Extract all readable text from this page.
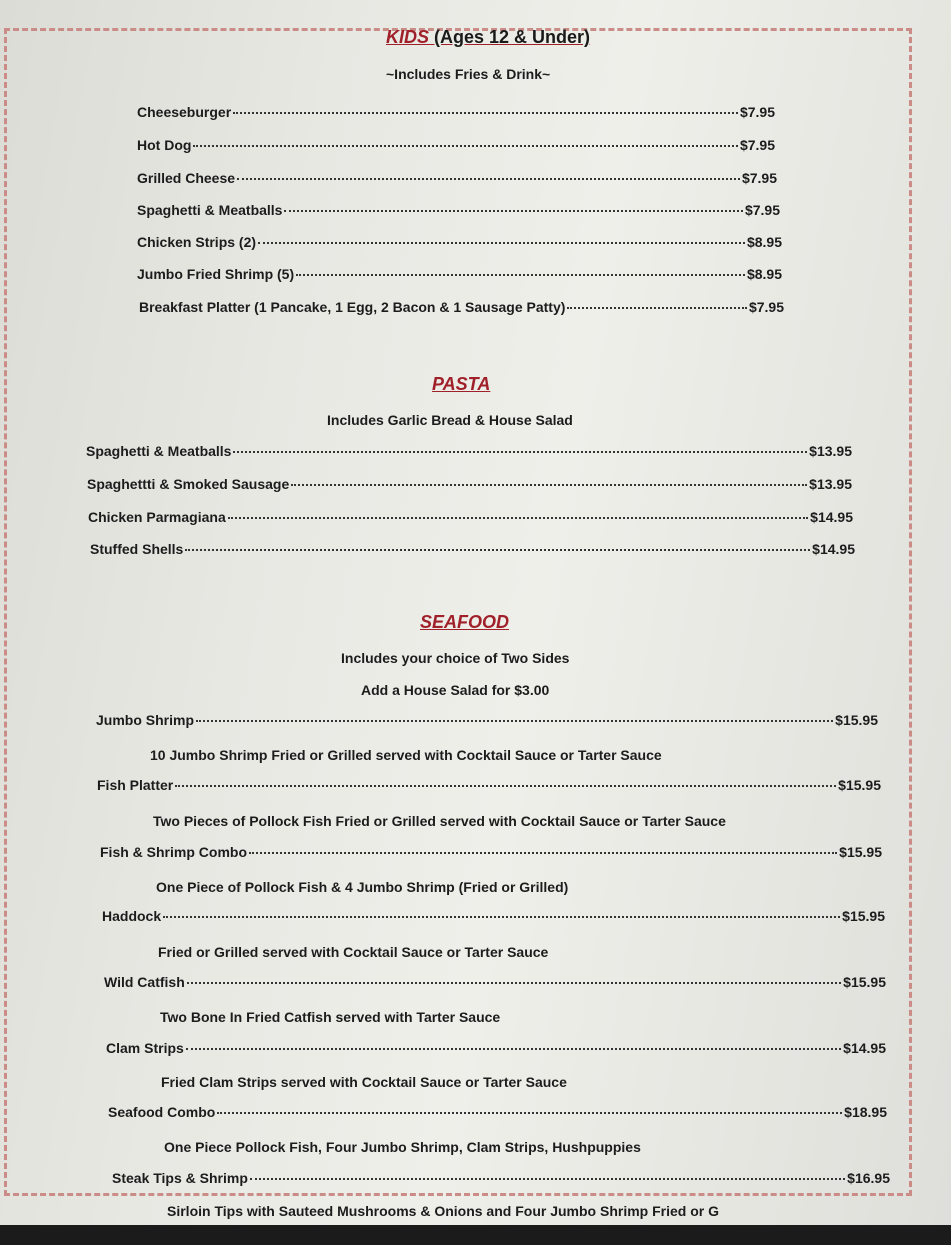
KIDS (Ages 12 & Under)
~Includes Fries & Drink~
Cheeseburger	$7.95
Hot Dog	$7.95
Grilled Cheese	$7.95
Spaghetti & Meatballs	$7.95
Chicken Strips (2)	$8.95
Jumbo Fried Shrimp (5)	$8.95
Breakfast Platter (1 Pancake, 1 Egg, 2 Bacon & 1 Sausage Patty)	$7.95
PASTA
Includes Garlic Bread & House Salad
Spaghetti & Meatballs	$13.95
Spaghettti & Smoked Sausage	$13.95
Chicken Parmagiana	$14.95
Stuffed Shells	$14.95
SEAFOOD
Includes your choice of Two Sides
Add a House Salad for $3.00
Jumbo Shrimp	$15.95
10 Jumbo Shrimp Fried or Grilled served with Cocktail Sauce or Tarter Sauce
Fish Platter	$15.95
Two Pieces of Pollock Fish Fried or Grilled served with Cocktail Sauce or Tarter Sauce
Fish & Shrimp Combo	$15.95
One Piece of Pollock Fish & 4 Jumbo Shrimp (Fried or Grilled)
Haddock	$15.95
Fried or Grilled served with Cocktail Sauce or Tarter Sauce
Wild Catfish	$15.95
Two Bone In Fried Catfish served with Tarter Sauce
Clam Strips	$14.95
Fried Clam Strips served with Cocktail Sauce or Tarter Sauce
Seafood Combo	$18.95
One Piece Pollock Fish, Four Jumbo Shrimp, Clam Strips, Hushpuppies
Steak Tips & Shrimp	$16.95
Sirloin Tips with Sauteed Mushrooms & Onions and Four Jumbo Shrimp Fried or G
